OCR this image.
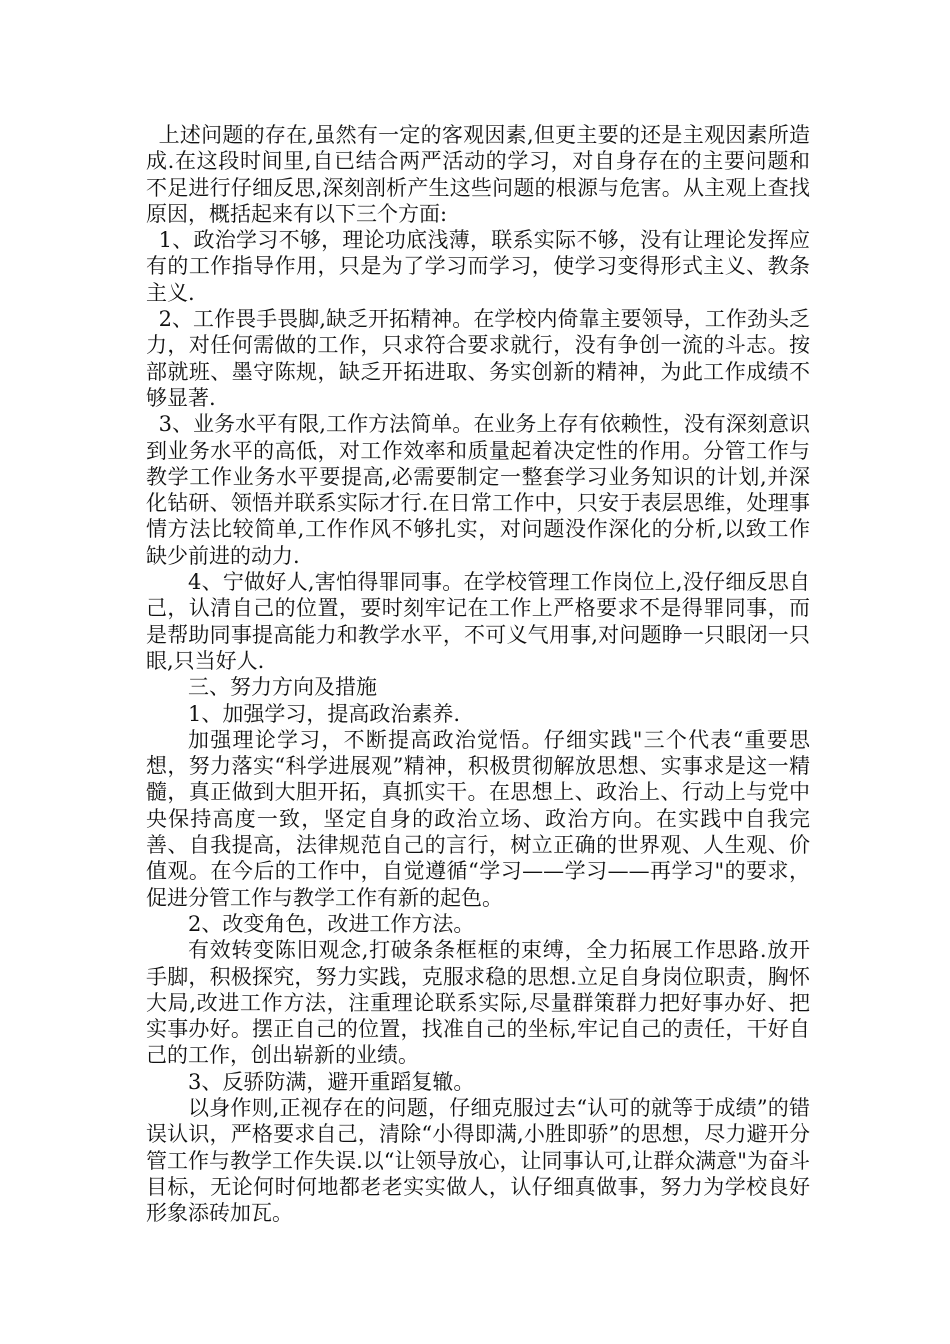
上述问题的存在,虽然有一定的客观因素,但更主要的还是主观因素所造成.在这段时间里,自已结合两严活动的学习，对自身存在的主要问题和不足进行仔细反思,深刻剖析产生这些问题的根源与危害。从主观上查找原因，概括起来有以下三个方面:

1、政治学习不够，理论功底浅薄，联系实际不够，没有让理论发挥应有的工作指导作用，只是为了学习而学习，使学习变得形式主义、教条主义.

2、工作畏手畏脚,缺乏开拓精神。在学校内倚靠主要领导，工作劲头乏力，对任何需做的工作，只求符合要求就行，没有争创一流的斗志。按部就班、墨守陈规，缺乏开拓进取、务实创新的精神，为此工作成绩不够显著.

3、业务水平有限,工作方法简单。在业务上存有依赖性，没有深刻意识到业务水平的高低，对工作效率和质量起着决定性的作用。分管工作与教学工作业务水平要提高,必需要制定一整套学习业务知识的计划,并深化钻研、领悟并联系实际才行.在日常工作中，只安于表层思维，处理事情方法比较简单,工作作风不够扎实，对问题没作深化的分析,以致工作缺少前进的动力.

4、宁做好人,害怕得罪同事。在学校管理工作岗位上,没仔细反思自己，认清自己的位置，要时刻牢记在工作上严格要求不是得罪同事，而是帮助同事提高能力和教学水平，不可义气用事,对问题睁一只眼闭一只眼,只当好人.

三、努力方向及措施

1、加强学习，提高政治素养.

加强理论学习，不断提高政治觉悟。仔细实践"三个代表“重要思想，努力落实“科学进展观”精神，积极贯彻解放思想、实事求是这一精髓，真正做到大胆开拓，真抓实干。在思想上、政治上、行动上与党中央保持高度一致，坚定自身的政治立场、政治方向。在实践中自我完善、自我提高，法律规范自己的言行，树立正确的世界观、人生观、价值观。在今后的工作中，自觉遵循“学习——学习——再学习"的要求，促进分管工作与教学工作有新的起色。

2、改变角色，改进工作方法。

有效转变陈旧观念,打破条条框框的束缚，全力拓展工作思路.放开手脚，积极探究，努力实践，克服求稳的思想.立足自身岗位职责，胸怀大局,改进工作方法，注重理论联系实际,尽量群策群力把好事办好、把实事办好。摆正自己的位置，找准自己的坐标,牢记自己的责任，干好自己的工作，创出崭新的业绩。

3、反骄防满，避开重蹈复辙。

以身作则,正视存在的问题，仔细克服过去“认可的就等于成绩”的错误认识，严格要求自己，清除“小得即满,小胜即骄”的思想，尽力避开分管工作与教学工作失误.以“让领导放心，让同事认可,让群众满意"为奋斗目标，无论何时何地都老老实实做人，认仔细真做事，努力为学校良好形象添砖加瓦。
